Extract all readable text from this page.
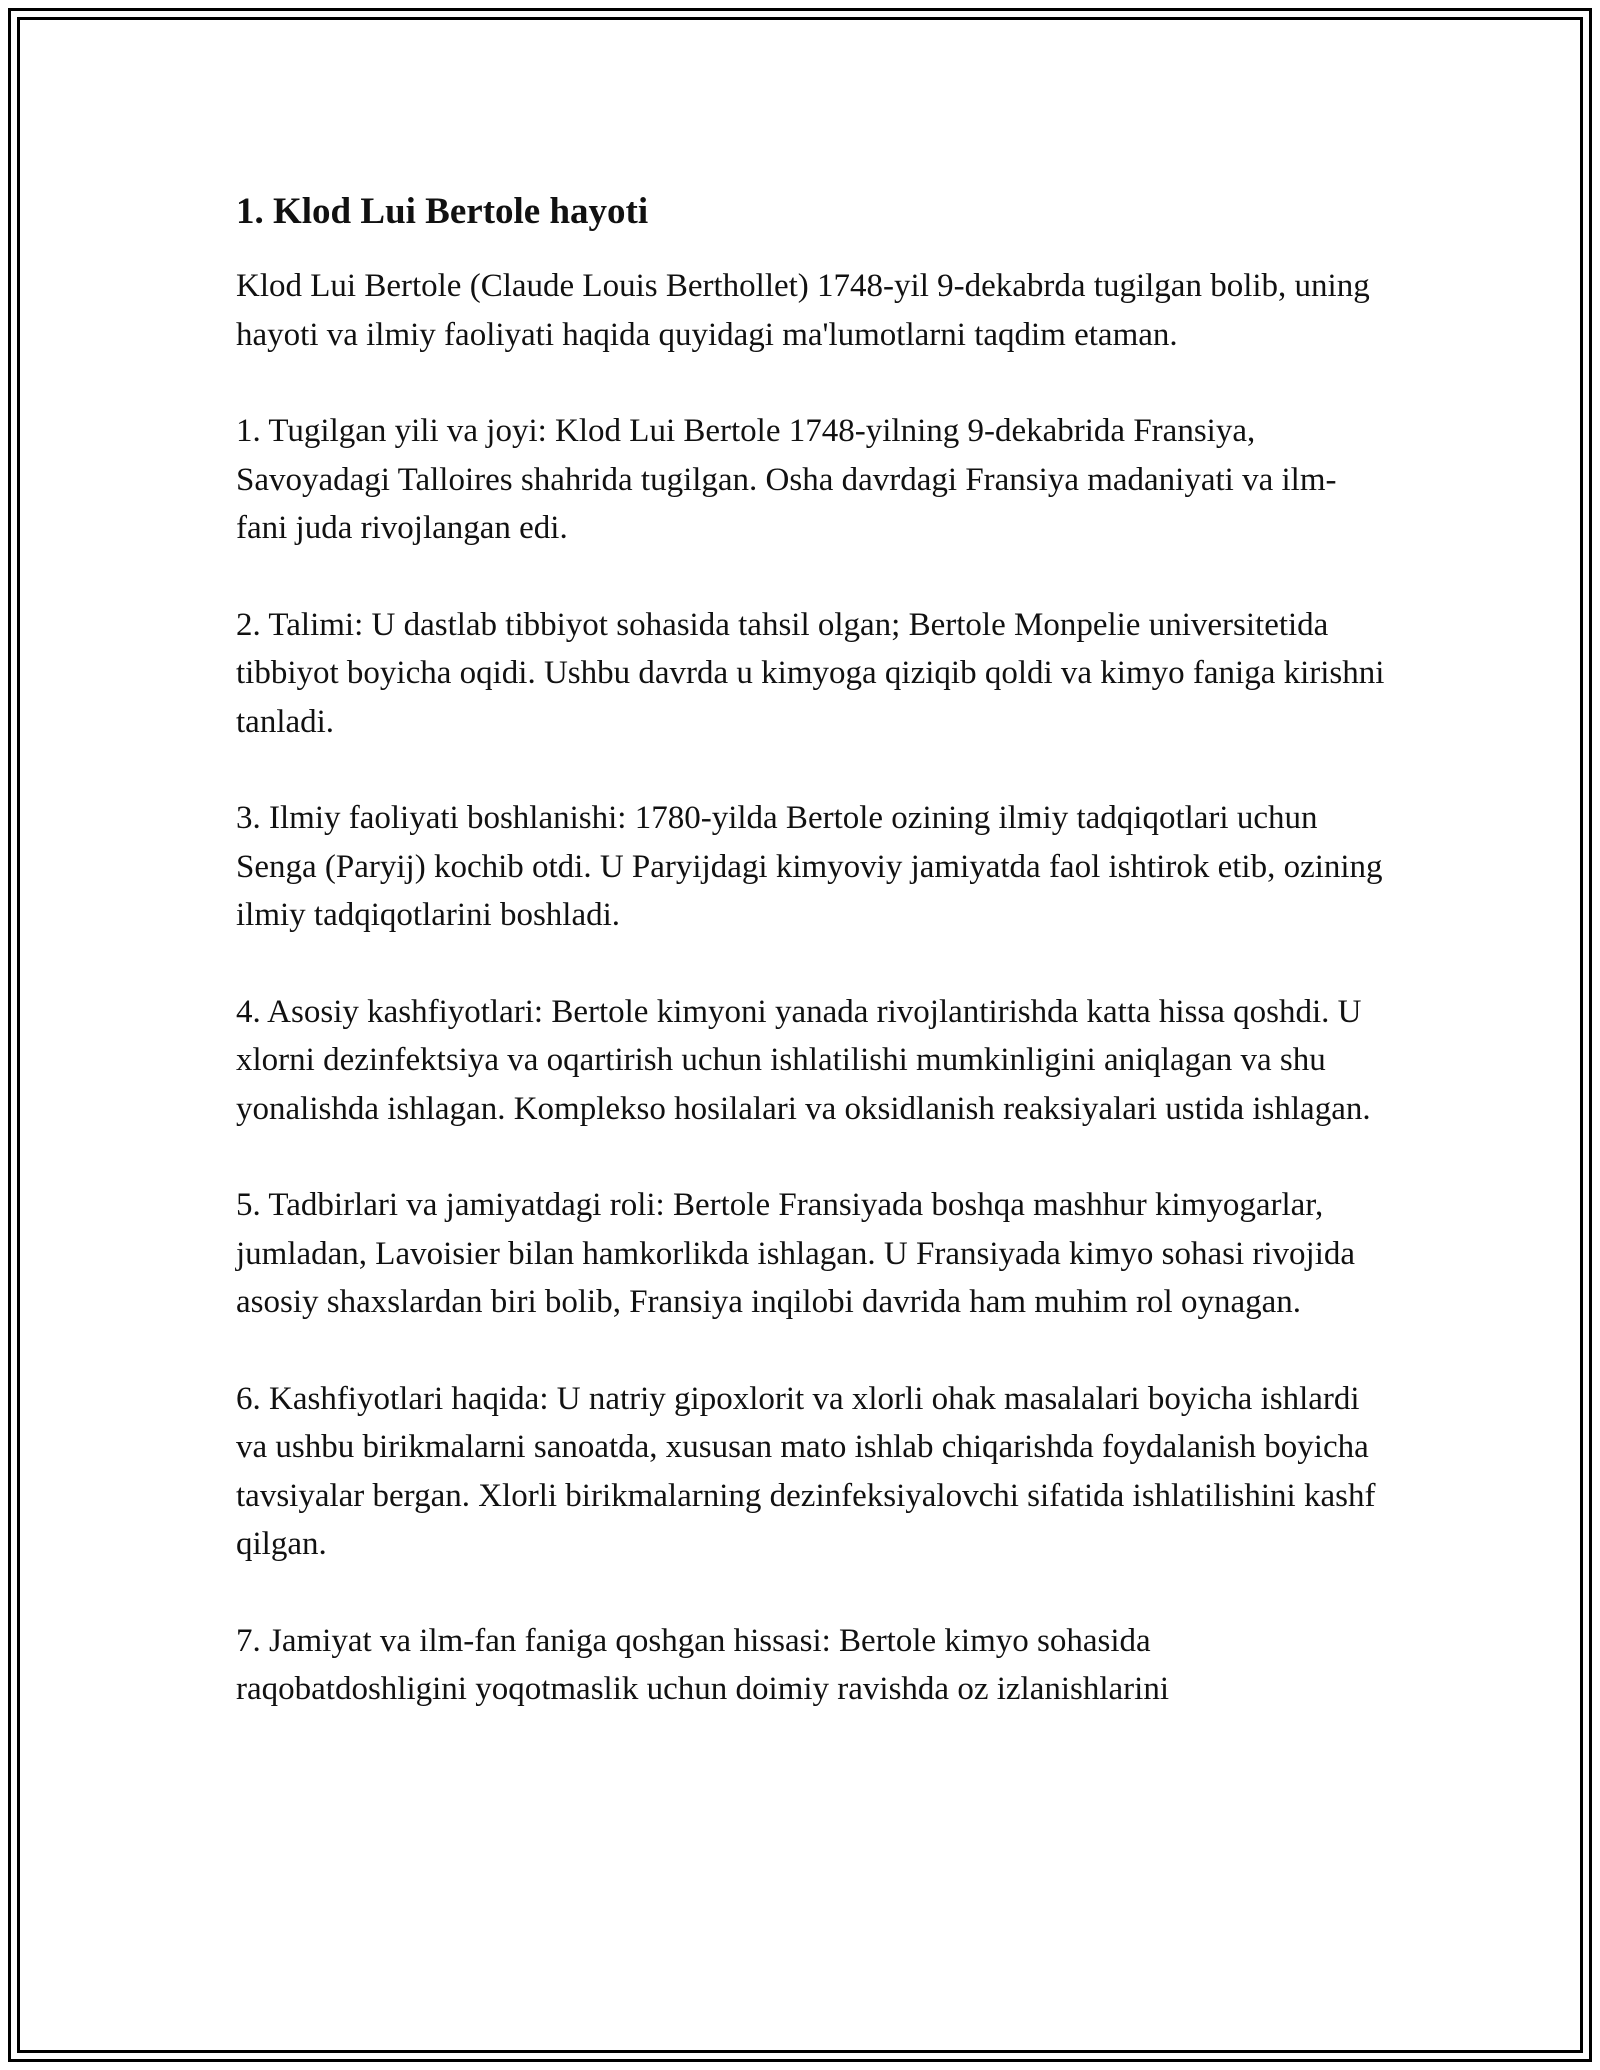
1. Klod Lui Bertole hayoti

Klod Lui Bertole (Claude Louis Berthollet) 1748-yil 9-dekabrda tugilgan bolib, uning hayoti va ilmiy faoliyati haqida quyidagi ma'lumotlarni taqdim etaman.

1. Tugilgan yili va joyi: Klod Lui Bertole 1748-yilning 9-dekabrida Fransiya, Savoyadagi Talloires shahrida tugilgan. Osha davrdagi Fransiya madaniyati va ilm-fani juda rivojlangan edi.

2. Talimi: U dastlab tibbiyot sohasida tahsil olgan; Bertole Monpelie universitetida tibbiyot boyicha oqidi. Ushbu davrda u kimyoga qiziqib qoldi va kimyo faniga kirishni tanladi.

3. Ilmiy faoliyati boshlanishi: 1780-yilda Bertole ozining ilmiy tadqiqotlari uchun Senga (Paryij) kochib otdi. U Paryijdagi kimyoviy jamiyatda faol ishtirok etib, ozining ilmiy tadqiqotlarini boshladi.

4. Asosiy kashfiyotlari: Bertole kimyoni yanada rivojlantirishda katta hissa qoshdi. U xlorni dezinfektsiya va oqartirish uchun ishlatilishi mumkinligini aniqlagan va shu yonalishda ishlagan. Komplekso hosilalari va oksidlanish reaksiyalari ustida ishlagan.

5. Tadbirlari va jamiyatdagi roli: Bertole Fransiyada boshqa mashhur kimyogarlar, jumladan, Lavoisier bilan hamkorlikda ishlagan. U Fransiyada kimyo sohasi rivojida asosiy shaxslardan biri bolib, Fransiya inqilobi davrida ham muhim rol oynagan.

6. Kashfiyotlari haqida: U natriy gipoxlorit va xlorli ohak masalalari boyicha ishlardi va ushbu birikmalarni sanoatda, xususan mato ishlab chiqarishda foydalanish boyicha tavsiyalar bergan. Xlorli birikmalarning dezinfeksiyalovchi sifatida ishlatilishini kashf qilgan.

7. Jamiyat va ilm-fan faniga qoshgan hissasi: Bertole kimyo sohasida raqobatdoshligini yoqotmaslik uchun doimiy ravishda oz izlanishlarini
